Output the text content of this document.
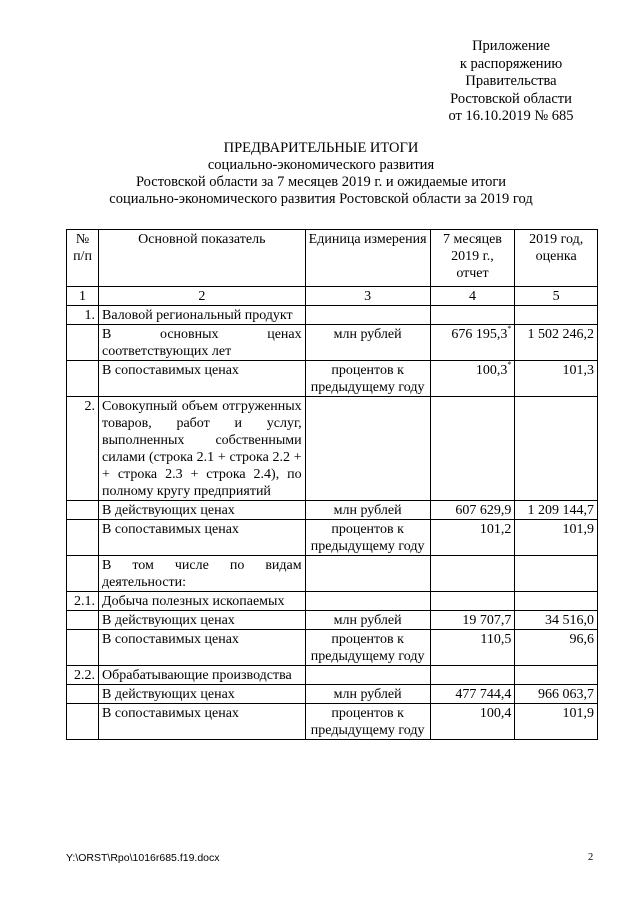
Приложение
к распоряжению
Правительства
Ростовской области
от 16.10.2019 № 685
ПРЕДВАРИТЕЛЬНЫЕ ИТОГИ
социально-экономического развития
Ростовской области за 7 месяцев 2019 г. и ожидаемые итоги
социально-экономического развития Ростовской области за 2019 год
№ п/п	Основной показатель	Единица измерения	7 месяцев 2019 г., отчет	2019 год, оценка
1	2	3	4	5
1.	Валовой региональный продукт			
	В основных ценах соответствующих лет	млн рублей	676 195,3*	1 502 246,2
	В сопоставимых ценах	процентов к предыдущему году	100,3*	101,3
2.	Совокупный объем отгруженных товаров, работ и услуг, выполненных собственными силами (строка 2.1 + строка 2.2 + + строка 2.3 + строка 2.4), по полному кругу предприятий			
	В действующих ценах	млн рублей	607 629,9	1 209 144,7
	В сопоставимых ценах	процентов к предыдущему году	101,2	101,9
	В том числе по видам деятельности:			
2.1.	Добыча полезных ископаемых			
	В действующих ценах	млн рублей	19 707,7	34 516,0
	В сопоставимых ценах	процентов к предыдущему году	110,5	96,6
2.2.	Обрабатывающие производства			
	В действующих ценах	млн рублей	477 744,4	966 063,7
	В сопоставимых ценах	процентов к предыдущему году	100,4	101,9
Y:\ORST\Rpo\1016r685.f19.docx	2
